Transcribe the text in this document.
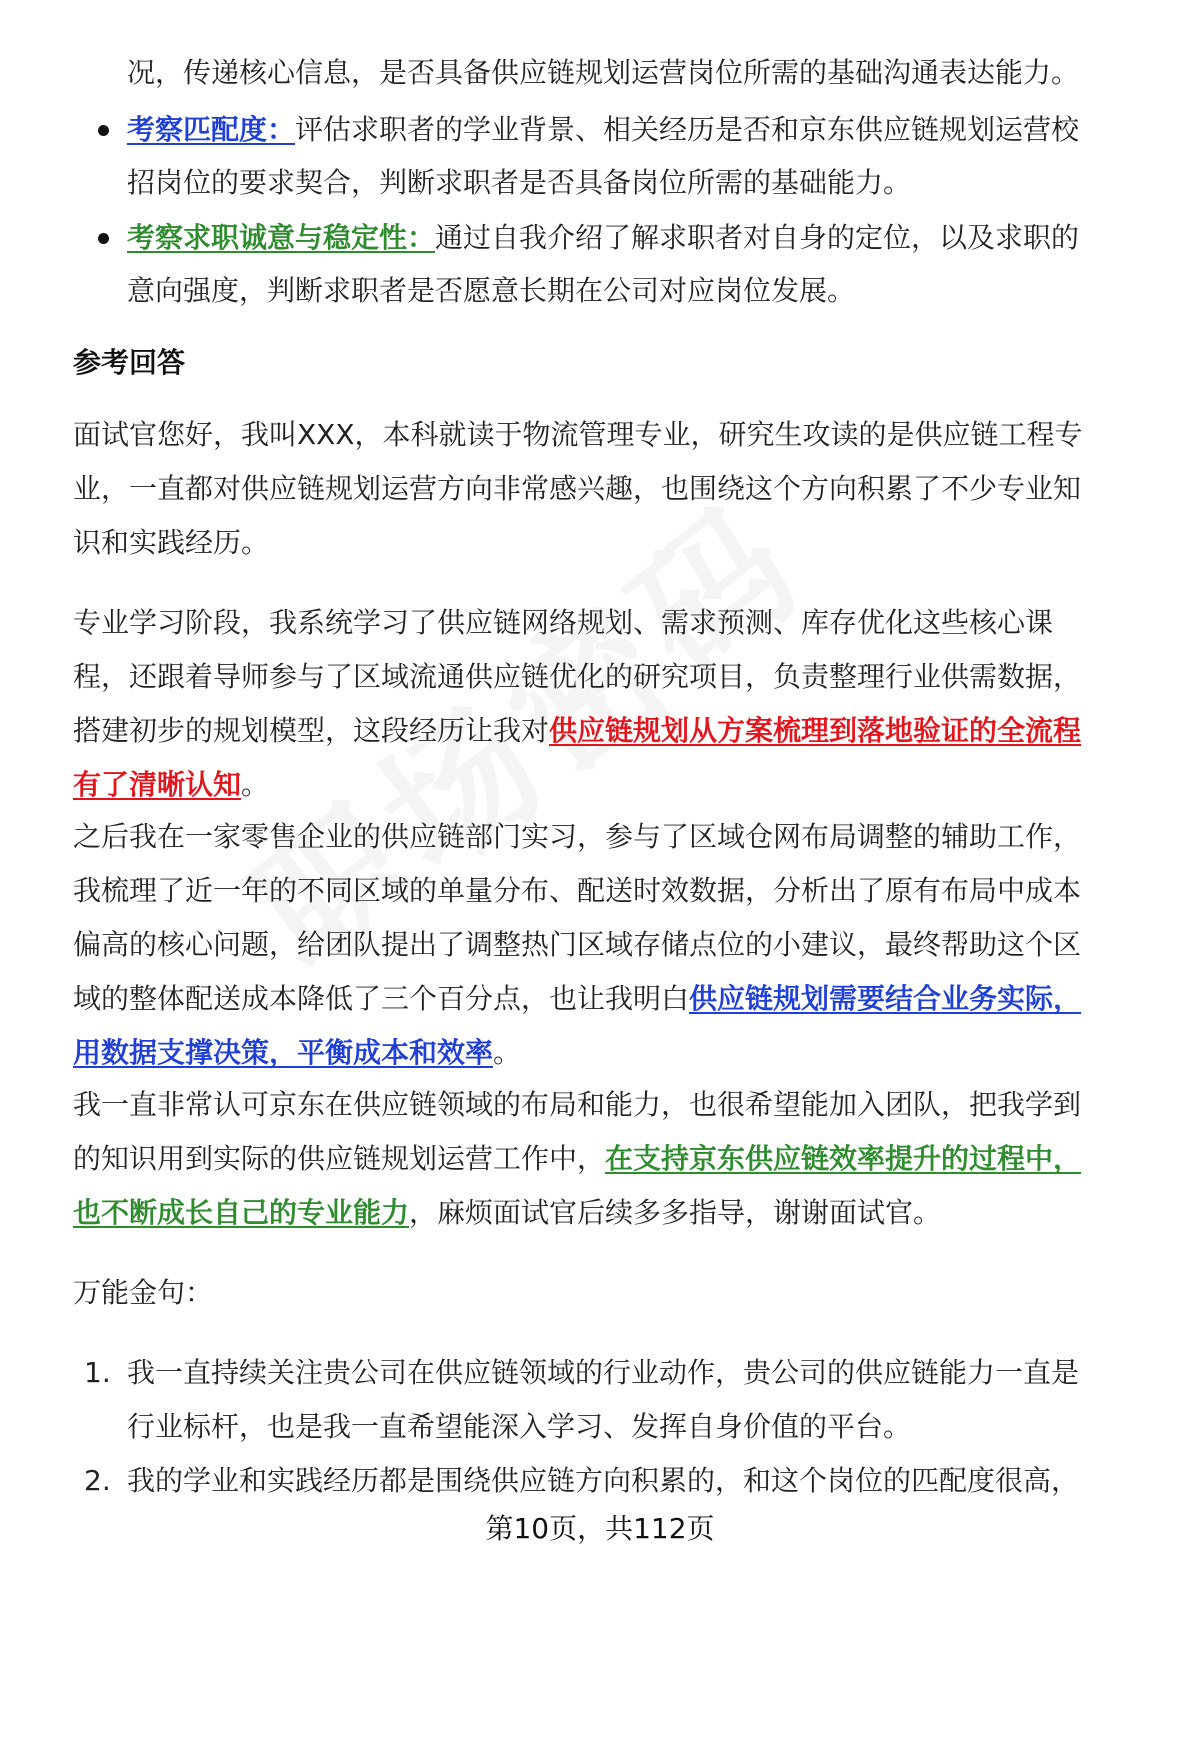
况，传递核心信息，是否具备供应链规划运营岗位所需的基础沟通表达能力。
考察匹配度：评估求职者的学业背景、相关经历是否和京东供应链规划运营校
招岗位的要求契合，判断求职者是否具备岗位所需的基础能力。
考察求职诚意与稳定性：通过自我介绍了解求职者对自身的定位，以及求职的
意向强度，判断求职者是否愿意长期在公司对应岗位发展。
参考回答
面试官您好，我叫XXX，本科就读于物流管理专业，研究生攻读的是供应链工程专
业，一直都对供应链规划运营方向非常感兴趣，也围绕这个方向积累了不少专业知
识和实践经历。
专业学习阶段，我系统学习了供应链网络规划、需求预测、库存优化这些核心课
程，还跟着导师参与了区域流通供应链优化的研究项目，负责整理行业供需数据，
搭建初步的规划模型，这段经历让我对供应链规划从方案梳理到落地验证的全流程
有了清晰认知。
之后我在一家零售企业的供应链部门实习，参与了区域仓网布局调整的辅助工作，
我梳理了近一年的不同区域的单量分布、配送时效数据，分析出了原有布局中成本
偏高的核心问题，给团队提出了调整热门区域存储点位的小建议，最终帮助这个区
域的整体配送成本降低了三个百分点，也让我明白供应链规划需要结合业务实际，
用数据支撑决策，平衡成本和效率。
我一直非常认可京东在供应链领域的布局和能力，也很希望能加入团队，把我学到
的知识用到实际的供应链规划运营工作中，在支持京东供应链效率提升的过程中，
也不断成长自己的专业能力，麻烦面试官后续多多指导，谢谢面试官。
万能金句：
1. 我一直持续关注贵公司在供应链领域的行业动作，贵公司的供应链能力一直是
行业标杆，也是我一直希望能深入学习、发挥自身价值的平台。
2. 我的学业和实践经历都是围绕供应链方向积累的，和这个岗位的匹配度很高，
第10页，共112页
